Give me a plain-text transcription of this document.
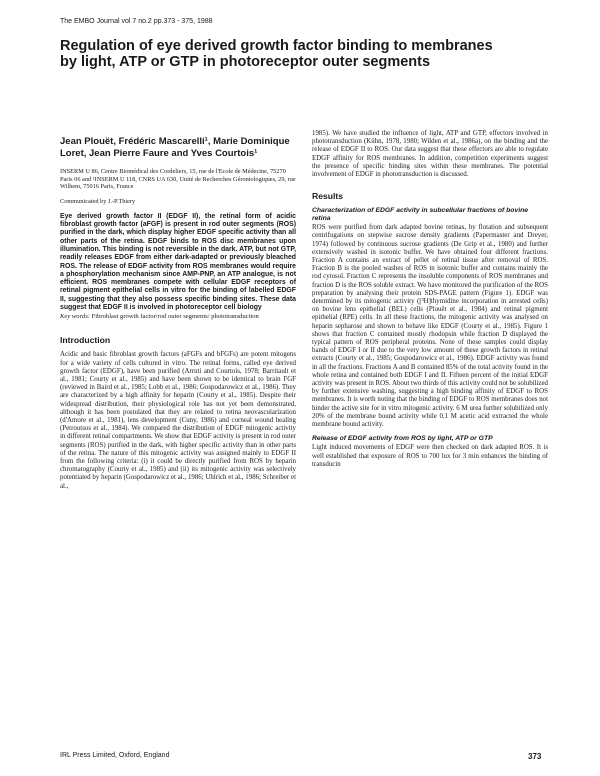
The EMBO Journal vol 7 no.2 pp.373 - 375, 1988
Regulation of eye derived growth factor binding to membranes by light, ATP or GTP in photoreceptor outer segments
Jean Plouët, Frédéric Mascarelli¹, Marie Dominique Loret, Jean Pierre Faure and Yves Courtois¹
INSERM U 86, Centre Biomédical des Cordeliers, 15, rue de l'Ecole de Médecine, 75270 Paris 06 and ¹INSERM U 118, CNRS UA 630, Unité de Recherches Gérontologiques, 29, rue Wilhem, 75016 Paris, France
Communicated by J.-P.Thiery

Eye derived growth factor II (EDGF II), the retinal form of acidic fibroblast growth factor (aFGF) is present in rod outer segments (ROS) purified in the dark, which display higher EDGF specific activity than all other parts of the retina. EDGF binds to ROS disc membranes upon illumination. This binding is not reversible in the dark. ATP, but not GTP, readily releases EDGF from either dark-adapted or previously bleached ROS. The release of EDGF activity from ROS membranes would require a phosphorylation mechanism since AMP-PNP, an ATP analogue, is not efficient. ROS membranes compete with cellular EDGF receptors of retinal pigment epithelial cells in vitro for the binding of labelled EDGF II, suggesting that they also possess specific binding sites. These data suggest that EDGF II is involved in photoreceptor cell biology

Key words: Fibroblast growth factor/rod outer segments/ phototransduction

Introduction

Acidic and basic fibroblast growth factors (aFGFs and bFGFs) are potent mitogens for a wide variety of cells cultured in vitro. The retinal forms, called eye derived growth factor (EDGF), have been purified (Arruti and Courtois, 1978; Barritault et al., 1981; Courty et al., 1985) and have been shown to be identical to brain FGF (reviewed in Baird et al., 1985; Lobb et al., 1986; Gospodarowicz et al., 1986). They are characterized by a high affinity for heparin (Courty et al., 1985). Despite their widespread distribution, their physiological role has not yet been demonstrated, although it has been postulated that they are related to retina neovascularization (d'Amore et al., 1981), lens development (Cuny, 1986) and corneal wound healing (Petroutsos et al., 1984). We compared the distribution of EDGF mitogenic activity in different retinal compartments. We show that EDGF activity is present in rod outer segments (ROS) purified in the dark, with higher specific activity than in other parts of the retina. The nature of this mitogenic activity was assigned mainly to EDGF II from the following criteria: (i) it could be directly purified from ROS by heparin chromatography (Courty et al., 1985) and (ii) its mitogenic activity was selectively potentiated by heparin (Gospodarowicz et al., 1986; Uhlrich et al., 1986; Schreiber et al.,

1985). We have studied the influence of light, ATP and GTP, effectors involved in phototransduction (Kühn, 1978, 1980; Wilden et al., 1986a), on the binding and the release of EDGF II to ROS. Our data suggest that these effectors are able to regulate EDGF affinity for ROS membranes. In addition, competition experiments suggest the presence of specific binding sites within these membranes. The potential involvement of EDGF in phototransduction is discussed.

Results
Characterization of EDGF activity in subcellular fractions of bovine retina

ROS were purified from dark adapted bovine retinas, by flotation and subsequent centrifugations on stepwise sucrose density gradients (Papermaster and Dreyer, 1974) followed by continuous sucrose gradients (De Grip et al., 1980) and further extensively washed in isotonic buffer. We have obtained four different fractions. Fraction A contains an extract of pellet of retinal tissue after removal of ROS. Fraction B is the pooled washes of ROS in isotonic buffer and contains mainly the rod cytosol. Fraction C represents the insoluble components of ROS membranes and fraction D is the ROS soluble extract. We have monitored the purification of the ROS preparation by analysing their protein SDS-PAGE pattern (Figure 1). EDGF was determined by its mitogenic activity ([³H]thymidine incorporation in arrested cells) on bovine lens epithelial (BEL) cells (Plouët et al., 1984) and retinal pigment epithelial (RPE) cells. In all these fractions, the mitogenic activity was analysed on heparin sepharose and shown to behave like EDGF (Courty et al., 1985). Figure 1 shows that fraction C contained mostly rhodopsin while fraction D displayed the typical pattern of ROS peripheral proteins. None of these samples could display bands of EDGF I or II due to the very low amount of these growth factors in retinal extracts (Courty et al., 1985; Gospodarowicz et al., 1986). EDGF activity was found in all the fractions. Fractions A and B contained 85% of the total activity found in the whole retina and contained both EDGF I and II. Fifteen percent of the initial EDGF activity was present in ROS. About two thirds of this activity could not be solubilized by further extensive washing, suggesting a high binding affinity of EDGF to ROS membranes. It is worth noting that the binding of EDGF to ROS membranes does not hinder the active site for in vitro mitogenic activity. 6 M urea further solubilized only 20% of the membrane bound activity while 0.1 M acetic acid extracted the whole membrane bound activity.

Release of EDGF activity from ROS by light, ATP or GTP

Light induced movements of EDGF were then checked on dark adapted ROS. It is well established that exposure of ROS to 700 lux for 3 min enhances the binding of transducin

IRL Press Limited, Oxford, England	373
